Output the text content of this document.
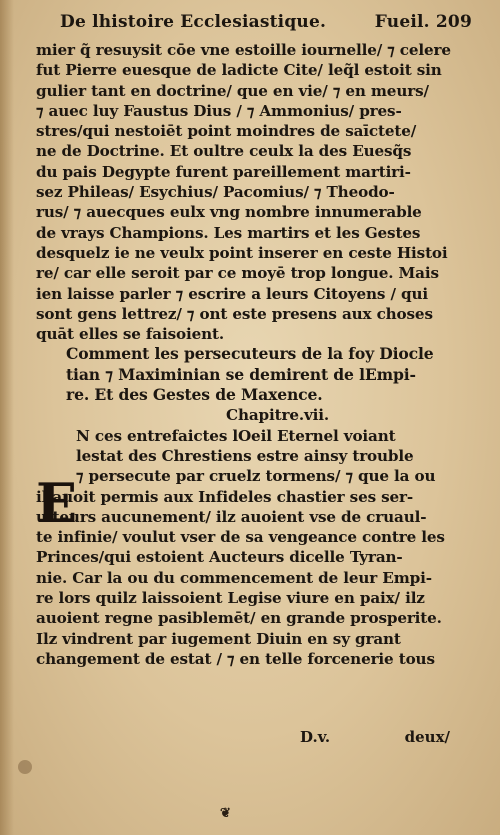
De lhistoire Ecclesiastique.	Fueil. 209
mier q̃ resuysit cōe vne estoille iournelle/ ⁊ celere
fut Pierre euesque de ladicte Cite/ leq̃l estoit sin
gulier tant en doctrine/ que en vie/ ⁊ en meurs/
⁊ auec luy Faustus Dius / ⁊ Ammonius/ pres-
stres/qui nestoiēt point moindres de saīctete/
ne de Doctrine. Et oultre ceulx la des Euesq̃s
du pais Degypte furent pareillement martiri-
sez Phileas/ Esychius/ Pacomius/ ⁊ Theodo-
rus/ ⁊ auecques eulx vng nombre innumerable
de vrays Champions. Les martirs et les Gestes
desquelz ie ne veulx point inserer en ceste Histoi
re/ car elle seroit par ce moyē trop longue. Mais
ien laisse parler ⁊ escrire a leurs Citoyens / qui
sont gens lettrez/ ⁊ ont este presens aux choses
quāt elles se faisoient.
Comment les persecuteurs de la foy Diocle
tian ⁊ Maximinian se demirent de lEmpi-
re. Et des Gestes de Maxence.
Chapitre.vii.
N ces entrefaictes lOeil Eternel voiant
lestat des Chrestiens estre ainsy trouble
⁊ persecute par cruelz tormens/ ⁊ que la ou
il auoit permis aux Infideles chastier ses ser-
uiteurs aucunement/ ilz auoient vse de cruaul-
te infinie/ voulut vser de sa vengeance contre les
Princes/qui estoient Aucteurs dicelle Tyran-
nie. Car la ou du commencement de leur Empi-
re lors quilz laissoient Legise viure en paix/ ilz
auoient regne pasiblemēt/ en grande prosperite.
Ilz vindrent par iugement Diuin en sy grant
changement de estat / ⁊ en telle forcenerie tous
E
D.v.	deux/
❦
